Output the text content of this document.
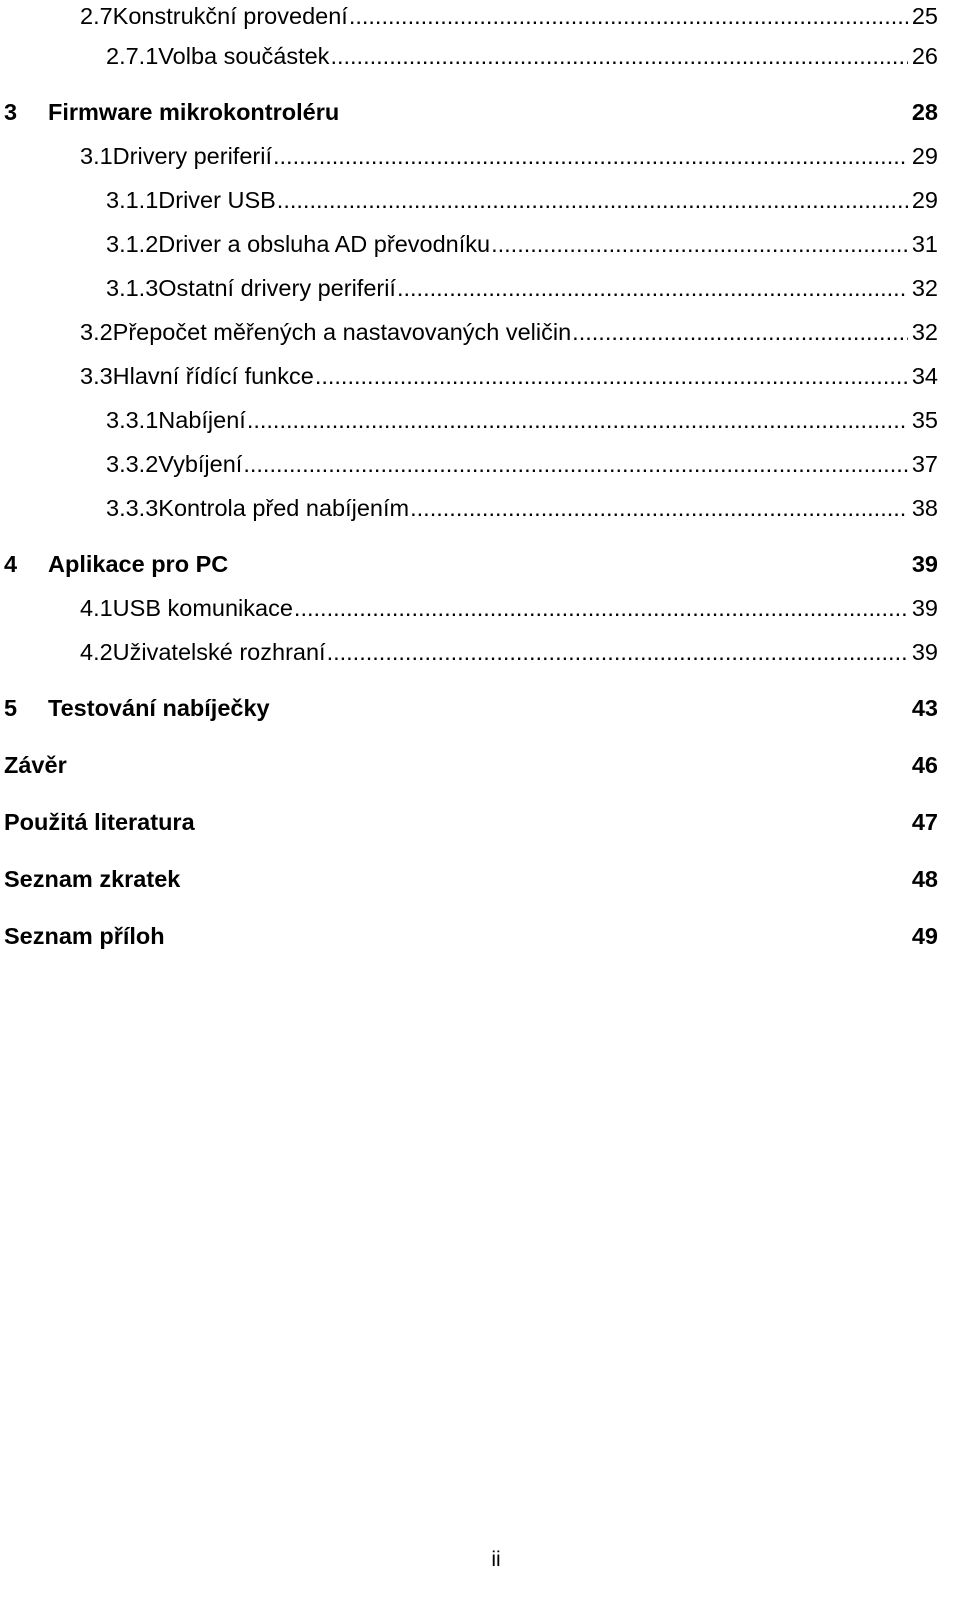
2.7 Konstrukční provedení .....	25
2.7.1 Volba součástek .....	26
3	Firmware mikrokontroléru	28
3.1 Drivery periferií .....	29
3.1.1 Driver USB .....	29
3.1.2 Driver a obsluha AD převodníku .....	31
3.1.3 Ostatní drivery periferií .....	32
3.2 Přepočet měřených a nastavovaných veličin .....	32
3.3 Hlavní řídící funkce .....	34
3.3.1 Nabíjení .....	35
3.3.2 Vybíjení .....	37
3.3.3 Kontrola před nabíjením .....	38
4	Aplikace pro PC	39
4.1 USB komunikace .....	39
4.2 Uživatelské rozhraní .....	39
5	Testování nabíječky	43
Závěr	46
Použitá literatura	47
Seznam zkratek	48
Seznam příloh	49
ii
